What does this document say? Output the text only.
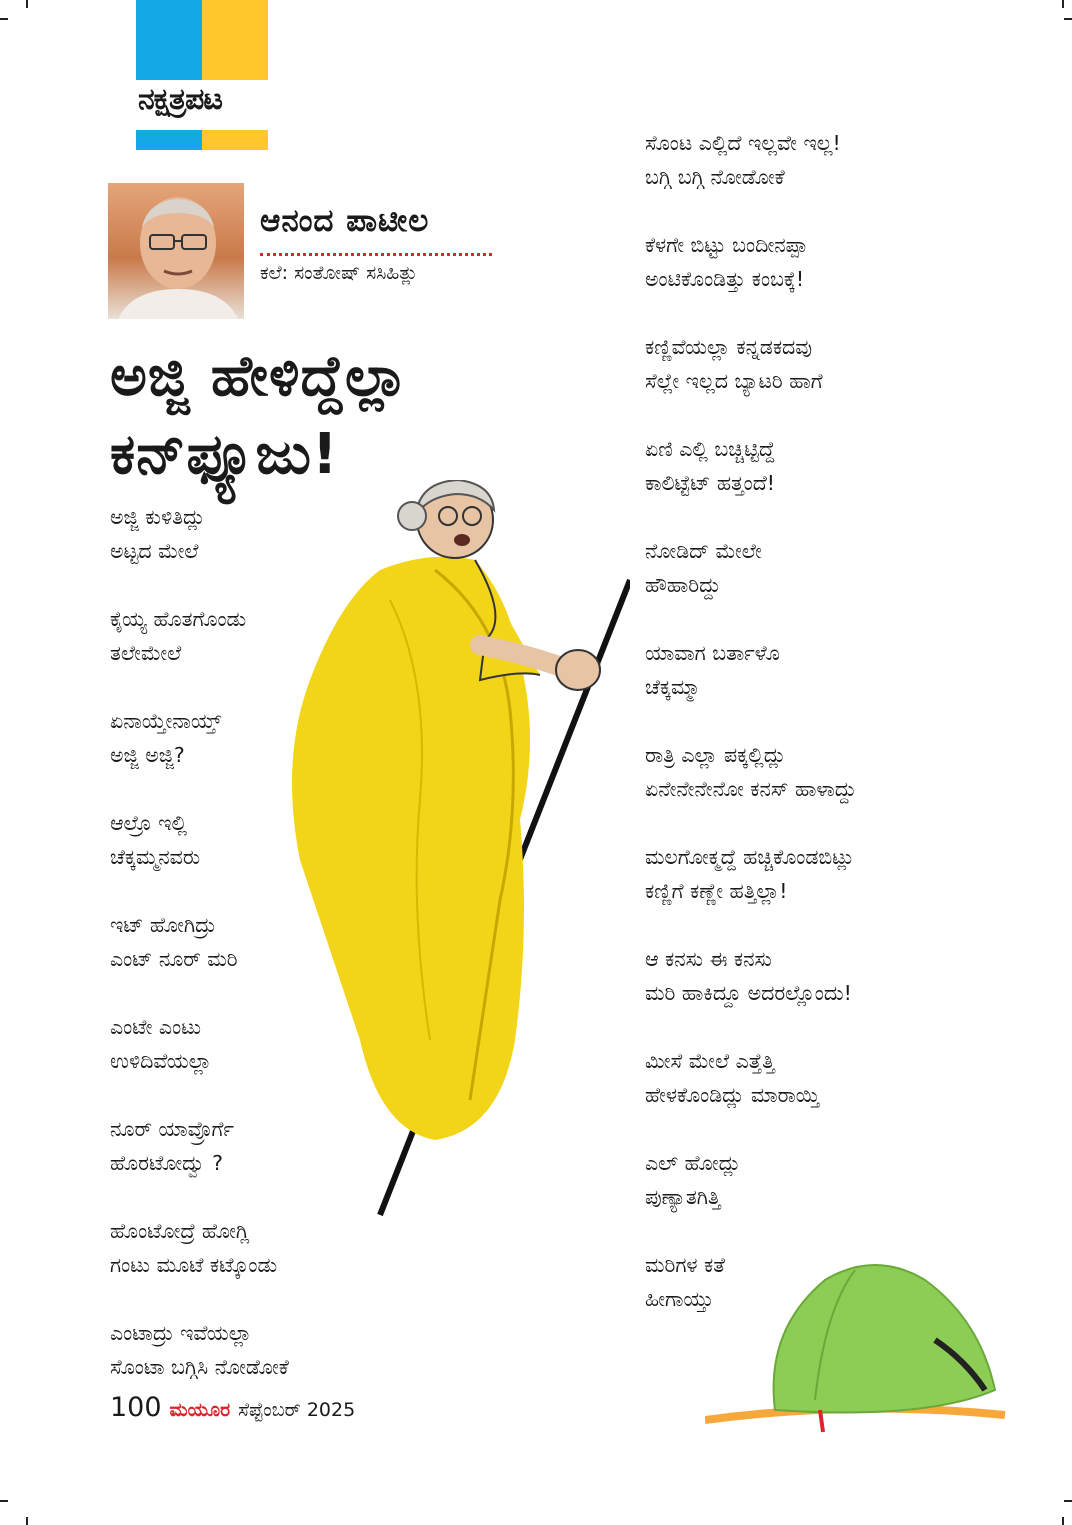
ನಕ್ಷತ್ರಪಟ
ಆನಂದ ಪಾಟೀಲ
ಕಲೆ: ಸಂತೋಷ್ ಸಸಿಹಿತ್ಲು
ಅಜ್ಜಿ ಹೇಳಿದ್ದೆಲ್ಲಾ
ಕನ್‌ಫ್ಯೂಜು!
ಅಜ್ಜಿ ಕುಳಿತಿದ್ಲು
ಅಟ್ಟದ ಮೇಲೆ
ಕೈಯ್ಯ ಹೊತಗೊಂಡು
ತಲೇಮೇಲೆ
ಏನಾಯ್ತೇನಾಯ್ತ್
ಅಜ್ಜಿ ಅಜ್ಜಿ?
ಆಲ್ರೊ ಇಲ್ಲಿ
ಚೆಕ್ಕಮ್ಮನವರು
ಇಟ್ ಹೋಗಿದ್ರು
ಎಂಟ್ ನೂರ್ ಮರಿ
ಎಂಟೇ ಎಂಟು
ಉಳಿದಿವೆಯಲ್ಲಾ
ನೂರ್ ಯಾವ್ರೊರ್ಗೆ
ಹೊರಟೋದ್ವು ?
ಹೊಂಟೋದ್ರೆ ಹೋಗ್ಲಿ
ಗಂಟು ಮೂಟೆ ಕಟ್ಕೊಂಡು
ಎಂಟಾದ್ರು ಇವೆಯಲ್ಲಾ
ಸೊಂಟಾ ಬಗ್ಗಿಸಿ ನೋಡೋಕೆ
ಸೊಂಟ ಎಲ್ಲಿದೆ ಇಲ್ಲವೇ ಇಲ್ಲ!
ಬಗ್ಗಿ ಬಗ್ಗಿ ನೋಡೋಕೆ
ಕೆಳಗೇ ಬಿಟ್ಟು ಬಂದೀನಪ್ಪಾ
ಅಂಟಿಕೊಂಡಿತ್ತು ಕಂಬಕ್ಕೆ!
ಕಣ್ಣಿವೆಯಲ್ಲಾ ಕನ್ನಡಕದವು
ಸೆಲ್ಲೇ ಇಲ್ಲದ ಬ್ಯಾಟರಿ ಹಾಗೆ
ಏಣಿ ಎಲ್ಲಿ ಬಚ್ಚಿಟ್ಟಿದ್ದೆ
ಕಾಲಿಟ್ಟೆಟ್ ಹತ್ತಂದೆ!
ನೋಡಿದ್ ಮೇಲೇ
ಹೌಹಾರಿದ್ದು
ಯಾವಾಗ ಬರ್ತಾಳೊ
ಚೆಕ್ಕಮ್ಮಾ
ರಾತ್ರಿ ಎಲ್ಲಾ ಪಕ್ಕಲ್ಲಿದ್ಲು
ಏನೇನೇನೇನೋ ಕನಸ್ ಹಾಳಾದ್ದು
ಮಲಗೋಕ್ಮದ್ದೆ ಹಚ್ಚಿಕೊಂಡಬಿಟ್ಲು
ಕಣ್ಣಿಗೆ ಕಣ್ಣೇ ಹತ್ತಿಲ್ಲಾ!
ಆ ಕನಸು ಈ ಕನಸು
ಮರಿ ಹಾಕಿದ್ದೂ ಅದರಲ್ಲೊಂದು!
ಮೀಸೆ ಮೇಲೆ ಎತ್ತೆತ್ತಿ
ಹೇಳಕೊಂಡಿದ್ಲು ಮಾರಾಯ್ತಿ
ಎಲ್ ಹೋದ್ಲು
ಪುಣ್ಯಾತಗಿತ್ತಿ
ಮರಿಗಳ ಕತೆ
ಹೀಗಾಯ್ತು
100 ಮಯೂರ ಸೆಪ್ಟೆಂಬರ್ 2025
